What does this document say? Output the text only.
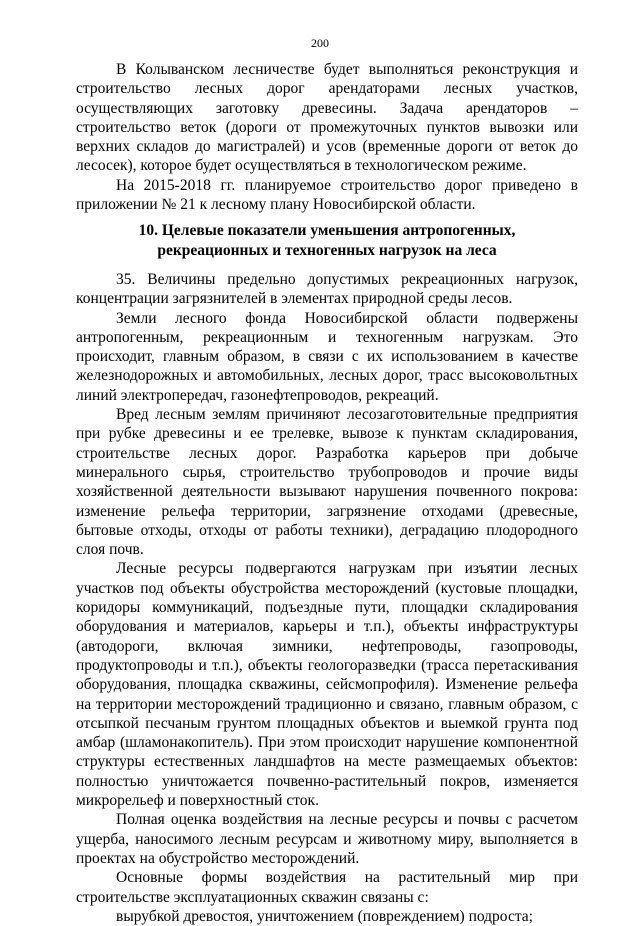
200

В Колыванском лесничестве будет выполняться реконструкция и строительство лесных дорог арендаторами лесных участков, осуществляющих заготовку древесины. Задача арендаторов – строительство веток (дороги от промежуточных пунктов вывозки или верхних складов до магистралей) и усов (временные дороги от веток до лесосек), которое будет осуществляться в технологическом режиме.

На 2015-2018 гг. планируемое строительство дорог приведено в приложении № 21 к лесному плану Новосибирской области.

10. Целевые показатели уменьшения антропогенных,
рекреационных и техногенных нагрузок на леса

35. Величины предельно допустимых рекреационных нагрузок, концентрации загрязнителей в элементах природной среды лесов.

Земли лесного фонда Новосибирской области подвержены антропогенным, рекреационным и техногенным нагрузкам. Это происходит, главным образом, в связи с их использованием в качестве железнодорожных и автомобильных, лесных дорог, трасс высоковольтных линий электропередач, газонефтепроводов, рекреаций.

Вред лесным землям причиняют лесозаготовительные предприятия при рубке древесины и ее трелевке, вывозе к пунктам складирования, строительстве лесных дорог. Разработка карьеров при добыче минерального сырья, строительство трубопроводов и прочие виды хозяйственной деятельности вызывают нарушения почвенного покрова: изменение рельефа территории, загрязнение отходами (древесные, бытовые отходы, отходы от работы техники), деградацию плодородного слоя почв.

Лесные ресурсы подвергаются нагрузкам при изъятии лесных участков под объекты обустройства месторождений (кустовые площадки, коридоры коммуникаций, подъездные пути, площадки складирования оборудования и материалов, карьеры и т.п.), объекты инфраструктуры (автодороги, включая зимники, нефтепроводы, газопроводы, продуктопроводы и т.п.), объекты геологоразведки (трасса перетаскивания оборудования, площадка скважины, сейсмопрофиля). Изменение рельефа на территории месторождений традиционно и связано, главным образом, с отсыпкой песчаным грунтом площадных объектов и выемкой грунта под амбар (шламонакопитель). При этом происходит нарушение компонентной структуры естественных ландшафтов на месте размещаемых объектов: полностью уничтожается почвенно-растительный покров, изменяется микрорельеф и поверхностный сток.

Полная оценка воздействия на лесные ресурсы и почвы с расчетом ущерба, наносимого лесным ресурсам и животному миру, выполняется в проектах на обустройство месторождений.

Основные формы воздействия на растительный мир при строительстве эксплуатационных скважин связаны с:

вырубкой древостоя, уничтожением (повреждением) подроста;
